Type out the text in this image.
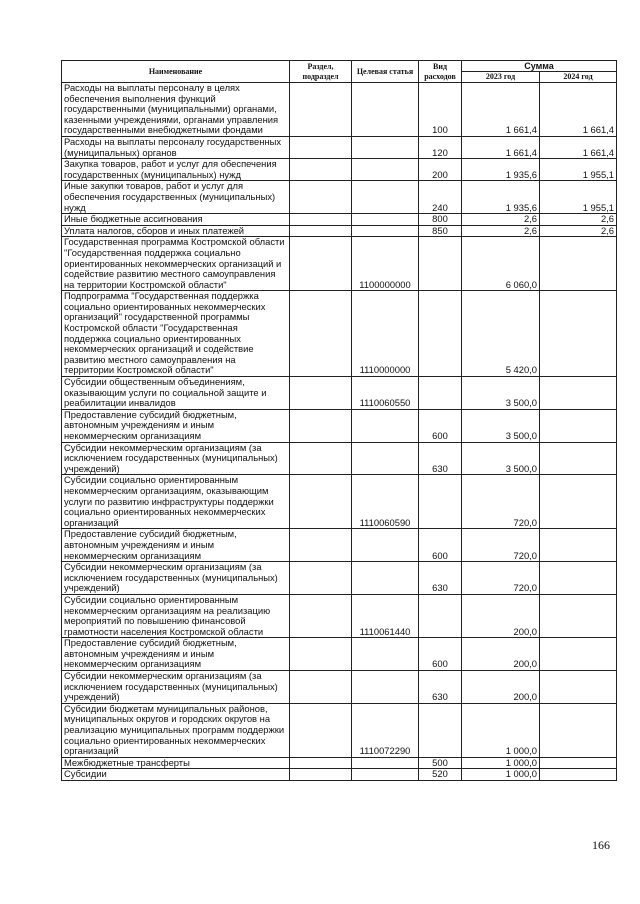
Наименование	Раздел, подраздел	Целевая статья	Вид расходов	Сумма	
				2023 год	2024 год
Расходы на выплаты персоналу в целях обеспечения выполнения функций государственными (муниципальными) органами, казенными учреждениями, органами управления государственными внебюджетными фондами			100	1 661,4	1 661,4
Расходы на выплаты персоналу государственных (муниципальных) органов			120	1 661,4	1 661,4
Закупка товаров, работ и услуг для обеспечения государственных (муниципальных) нужд			200	1 935,6	1 955,1
Иные закупки товаров, работ и услуг для обеспечения государственных (муниципальных) нужд			240	1 935,6	1 955,1
Иные бюджетные ассигнования			800	2,6	2,6
Уплата налогов, сборов и иных платежей			850	2,6	2,6
Государственная программа Костромской области "Государственная поддержка социально ориентированных некоммерческих организаций и содействие развитию местного самоуправления на территории Костромской области"		1100000000		6 060,0	
Подпрограмма "Государственная поддержка социально ориентированных некоммерческих организаций" государственной программы Костромской области "Государственная поддержка социально ориентированных некоммерческих организаций и содействие развитию местного самоуправления на территории Костромской области"		1110000000		5 420,0	
Субсидии общественным объединениям, оказывающим услуги по социальной защите и реабилитации инвалидов		1110060550		3 500,0	
Предоставление субсидий бюджетным, автономным учреждениям и иным некоммерческим организациям			600	3 500,0	
Субсидии некоммерческим организациям (за исключением государственных (муниципальных) учреждений)			630	3 500,0	
Субсидии социально ориентированным некоммерческим организациям, оказывающим услуги по развитию инфраструктуры поддержки социально ориентированных некоммерческих организаций		1110060590		720,0	
Предоставление субсидий бюджетным, автономным учреждениям и иным некоммерческим организациям			600	720,0	
Субсидии некоммерческим организациям (за исключением государственных (муниципальных) учреждений)			630	720,0	
Субсидии социально ориентированным некоммерческим организациям на реализацию мероприятий по повышению финансовой грамотности населения Костромской области		1110061440		200,0	
Предоставление субсидий бюджетным, автономным учреждениям и иным некоммерческим организациям			600	200,0	
Субсидии некоммерческим организациям (за исключением государственных (муниципальных) учреждений)			630	200,0	
Субсидии бюджетам муниципальных районов, муниципальных округов и городских округов на реализацию муниципальных программ поддержки социально ориентированных некоммерческих организаций		1110072290		1 000,0	
Межбюджетные трансферты			500	1 000,0	
Субсидии			520	1 000,0	
166
